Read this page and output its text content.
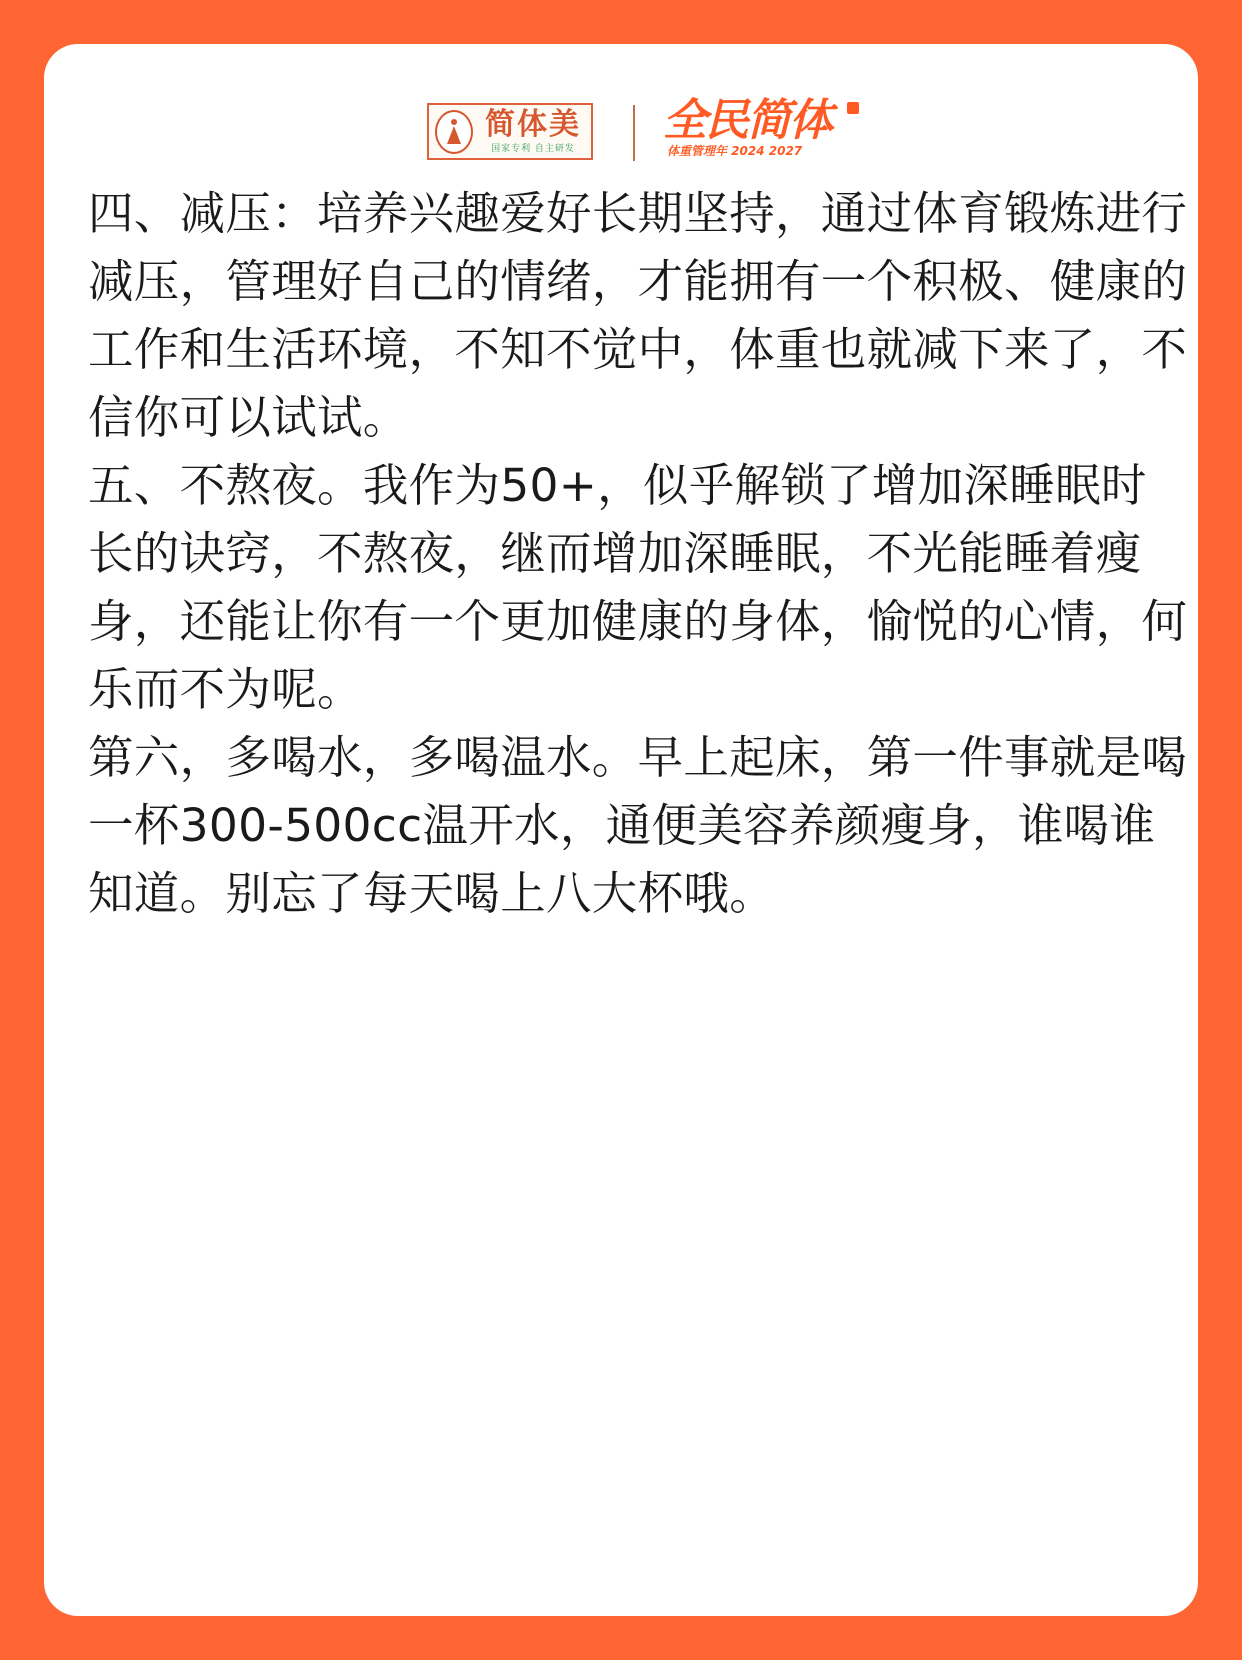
简体美
国家专利 自主研发
全民简体
体重管理年 2024 2027

四、减压：培养兴趣爱好长期坚持，通过体育锻炼进行减压，管理好自己的情绪，才能拥有一个积极、健康的工作和生活环境，不知不觉中，体重也就减下来了，不信你可以试试。

五、不熬夜。我作为50+，似乎解锁了增加深睡眠时长的诀窍，不熬夜，继而增加深睡眠，不光能睡着瘦身，还能让你有一个更加健康的身体，愉悦的心情，何乐而不为呢。

第六，多喝水，多喝温水。早上起床，第一件事就是喝一杯300-500cc温开水，通便美容养颜瘦身，谁喝谁知道。别忘了每天喝上八大杯哦。
